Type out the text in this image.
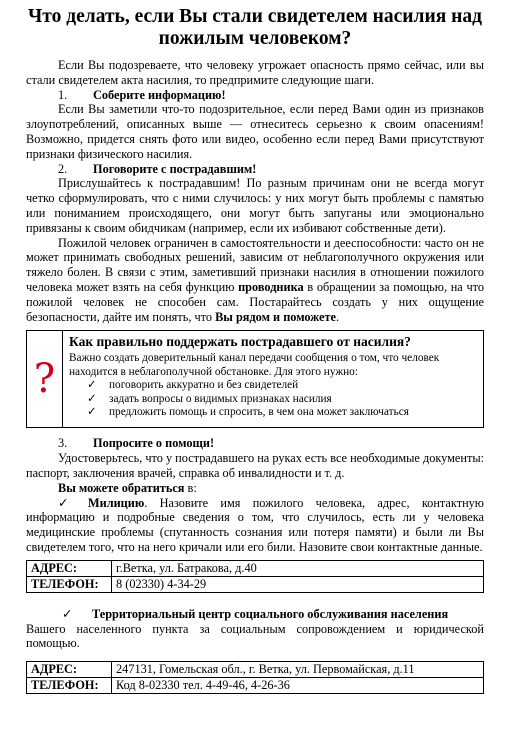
Что делать, если Вы стали свидетелем насилия над пожилым человеком?

Если Вы подозреваете, что человеку угрожает опасность прямо сейчас, или вы стали свидетелем акта насилия, то предпримите следующие шаги.

1. Соберите информацию!

Если Вы заметили что-то подозрительное, если перед Вами один из признаков злоупотреблений, описанных выше — отнеситесь серьезно к своим опасениям! Возможно, придется снять фото или видео, особенно если перед Вами присутствуют признаки физического насилия.

2. Поговорите с пострадавшим!

Прислушайтесь к пострадавшим! По разным причинам они не всегда могут четко сформулировать, что с ними случилось: у них могут быть проблемы с памятью или пониманием происходящего, они могут быть запуганы или эмоционально привязаны к своим обидчикам (например, если их избивают собственные дети).

Пожилой человек ограничен в самостоятельности и дееспособности: часто он не может принимать свободных решений, зависим от неблагополучного окружения или тяжело болен. В связи с этим, заметивший признаки насилия в отношении пожилого человека может взять на себя функцию проводника в обращении за помощью, на что пожилой человек не способен сам. Постарайтесь создать у них ощущение безопасности, дайте им понять, что Вы рядом и поможете.

?
Как правильно поддержать пострадавшего от насилия?
Важно создать доверительный канал передачи сообщения о том, что человек находится в неблагополучной обстановке. Для этого нужно:
✓ поговорить аккуратно и без свидетелей
✓ задать вопросы о видимых признаках насилия
✓ предложить помощь и спросить, в чем она может заключаться
3. Попросите о помощи!

Удостоверьтесь, что у пострадавшего на руках есть все необходимые документы: паспорт, заключения врачей, справка об инвалидности и т. д.

Вы можете обратиться в:

✓ Милицию. Назовите имя пожилого человека, адрес, контактную информацию и подробные сведения о том, что случилось, есть ли у человека медицинские проблемы (спутанность сознания или потеря памяти) и были ли Вы свидетелем того, что на него кричали или его били. Назовите свои контактные данные.

АДРЕС:	г.Ветка, ул. Батракова, д.40
ТЕЛЕФОН:	8 (02330) 4-34-29

✓ Территориальный центр социального обслуживания населения

Вашего населенного пункта за социальным сопровождением и юридической помощью.

АДРЕС:	247131, Гомельская обл., г. Ветка, ул. Первомайская, д.11
ТЕЛЕФОН:	Код 8-02330 тел. 4-49-46, 4-26-36
